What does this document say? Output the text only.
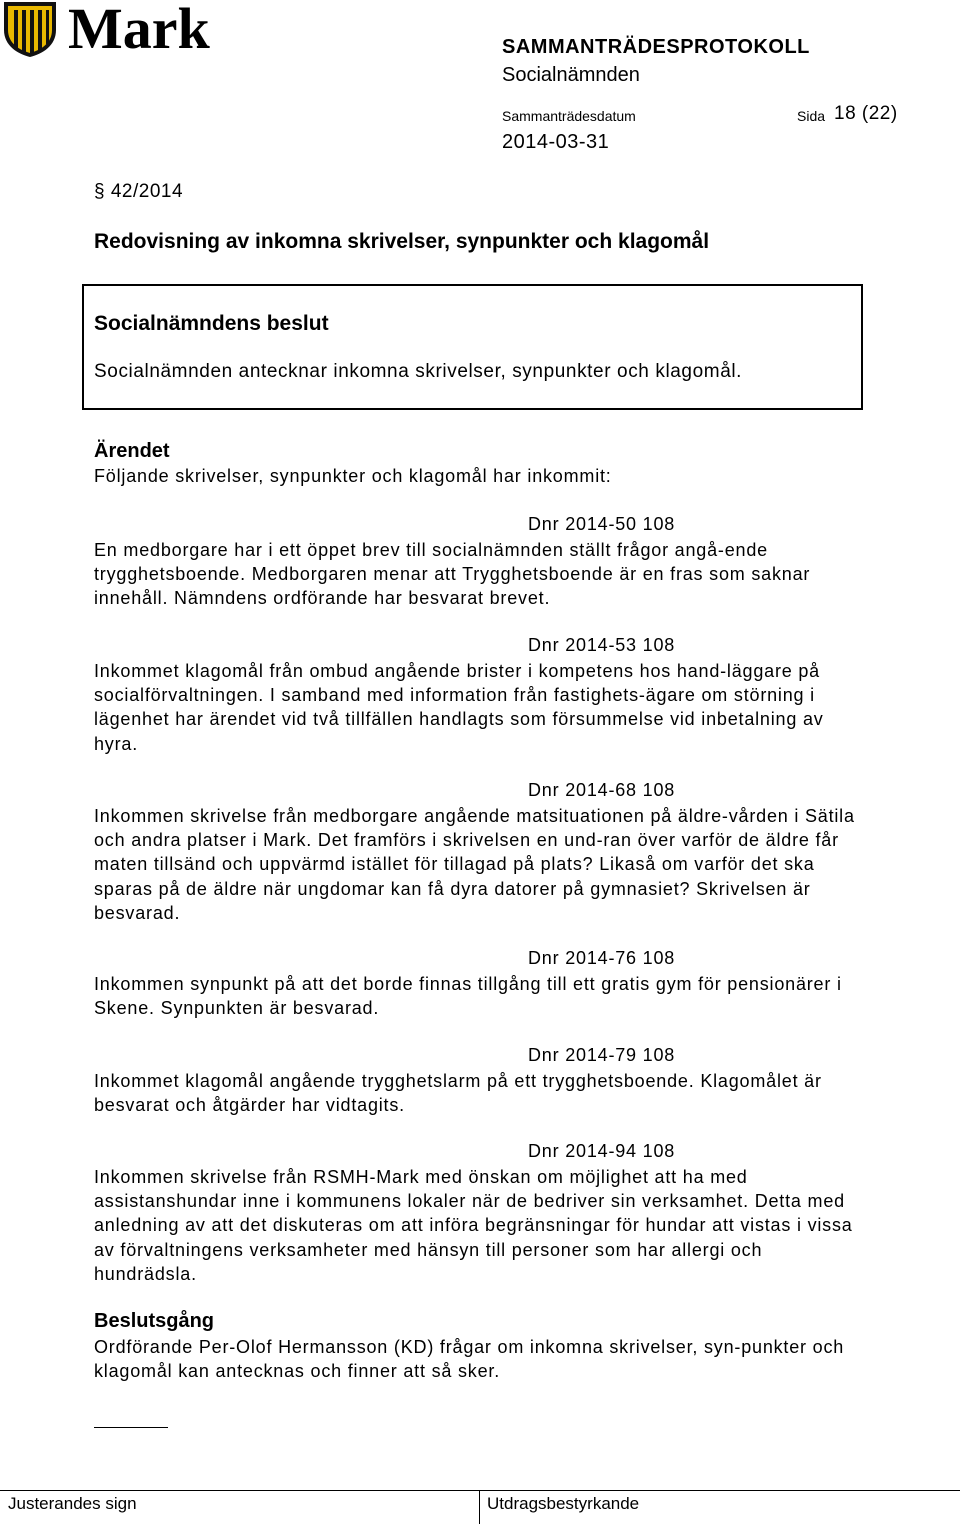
Mark	SAMMANTRÄDESPROTOKOLL
Socialnämnden
Sammanträdesdatum	Sida 18 (22)
2014-03-31
§ 42/2014
Redovisning av inkomna skrivelser, synpunkter och klagomål
Socialnämndens beslut
Socialnämnden antecknar inkomna skrivelser, synpunkter och klagomål.
Ärendet
Följande skrivelser, synpunkter och klagomål har inkommit:
Dnr 2014-50 108
En medborgare har i ett öppet brev till socialnämnden ställt frågor angå-ende trygghetsboende. Medborgaren menar att Trygghetsboende är en fras som saknar innehåll. Nämndens ordförande har besvarat brevet.
Dnr 2014-53 108
Inkommet klagomål från ombud angående brister i kompetens hos hand-läggare på socialförvaltningen. I samband med information från fastighets-ägare om störning i lägenhet har ärendet vid två tillfällen handlagts som försummelse vid inbetalning av hyra.
Dnr 2014-68 108
Inkommen skrivelse från medborgare angående matsituationen på äldre-vården i Sätila och andra platser i Mark. Det framförs i skrivelsen en und-ran över varför de äldre får maten tillsänd och uppvärmd istället för tillagad på plats? Likaså om varför det ska sparas på de äldre när ungdomar kan få dyra datorer på gymnasiet? Skrivelsen är besvarad.
Dnr 2014-76 108
Inkommen synpunkt på att det borde finnas tillgång till ett gratis gym för pensionärer i Skene. Synpunkten är besvarad.
Dnr 2014-79 108
Inkommet klagomål angående trygghetslarm på ett trygghetsboende. Klagomålet är besvarat och åtgärder har vidtagits.
Dnr 2014-94 108
Inkommen skrivelse från RSMH-Mark med önskan om möjlighet att ha med assistanshundar inne i kommunens lokaler när de bedriver sin verksamhet. Detta med anledning av att det diskuteras om att införa begränsningar för hundar att vistas i vissa av förvaltningens verksamheter med hänsyn till personer som har allergi och hundrädsla.
Beslutsgång
Ordförande Per-Olof Hermansson (KD) frågar om inkomna skrivelser, syn-punkter och klagomål kan antecknas och finner att så sker.
Justerandes sign	Utdragsbestyrkande
